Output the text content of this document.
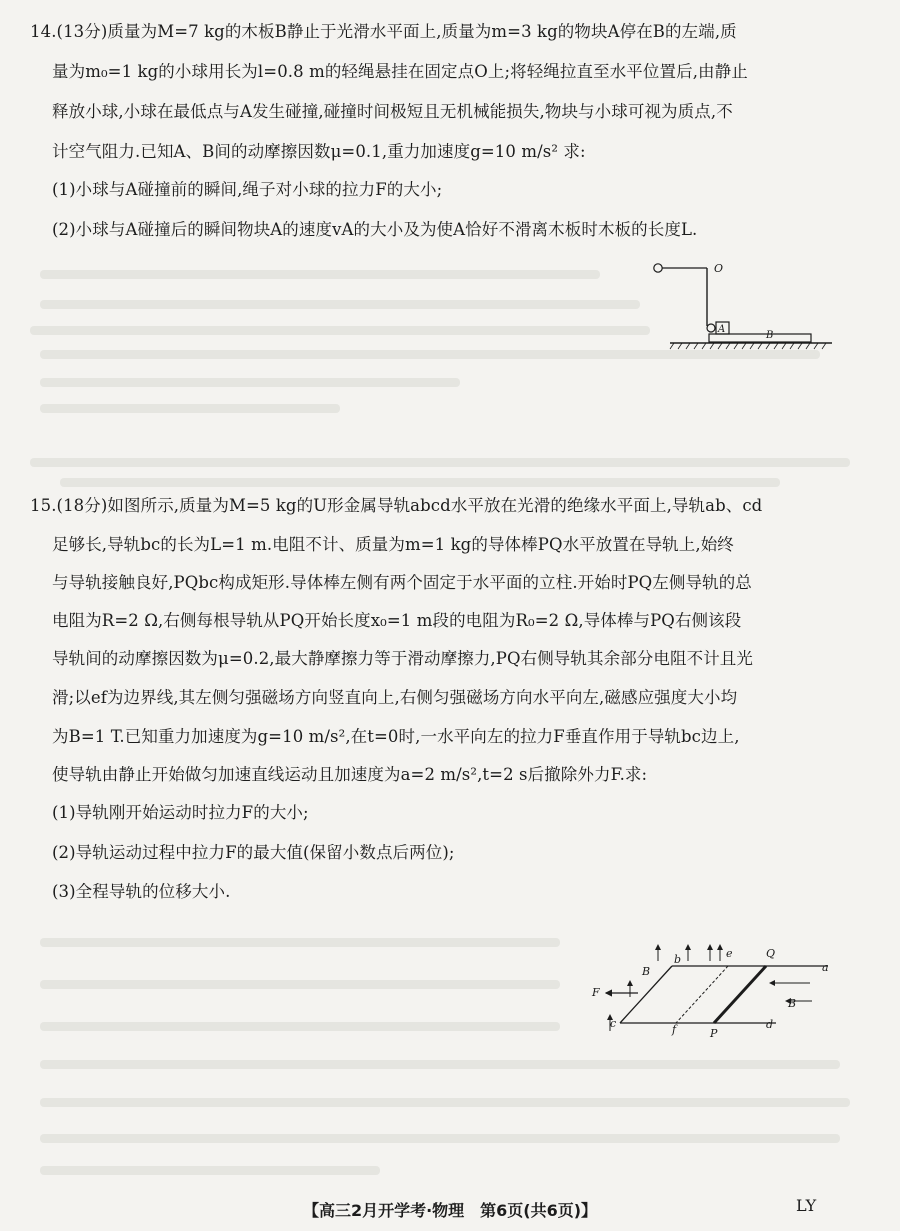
14.(13分)质量为M=7 kg的木板B静止于光滑水平面上,质量为m=3 kg的物块A停在B的左端,质
量为m₀=1 kg的小球用长为l=0.8 m的轻绳悬挂在固定点O上;将轻绳拉直至水平位置后,由静止
释放小球,小球在最低点与A发生碰撞,碰撞时间极短且无机械能损失,物块与小球可视为质点,不
计空气阻力.已知A、B间的动摩擦因数μ=0.1,重力加速度g=10 m/s² 求:
(1)小球与A碰撞前的瞬间,绳子对小球的拉力F的大小;
(2)小球与A碰撞后的瞬间物块A的速度vA的大小及为使A恰好不滑离木板时木板的长度L.
O
A
B
15.(18分)如图所示,质量为M=5 kg的U形金属导轨abcd水平放在光滑的绝缘水平面上,导轨ab、cd
足够长,导轨bc的长为L=1 m.电阻不计、质量为m=1 kg的导体棒PQ水平放置在导轨上,始终
与导轨接触良好,PQbc构成矩形.导体棒左侧有两个固定于水平面的立柱.开始时PQ左侧导轨的总
电阻为R=2 Ω,右侧每根导轨从PQ开始长度x₀=1 m段的电阻为R₀=2 Ω,导体棒与PQ右侧该段
导轨间的动摩擦因数为μ=0.2,最大静摩擦力等于滑动摩擦力,PQ右侧导轨其余部分电阻不计且光
滑;以ef为边界线,其左侧匀强磁场方向竖直向上,右侧匀强磁场方向水平向左,磁感应强度大小均
为B=1 T.已知重力加速度为g=10 m/s²,在t=0时,一水平向左的拉力F垂直作用于导轨bc边上,
使导轨由静止开始做匀加速直线运动且加速度为a=2 m/s²,t=2 s后撤除外力F.求:
(1)导轨刚开始运动时拉力F的大小;
(2)导轨运动过程中拉力F的最大值(保留小数点后两位);
(3)全程导轨的位移大小.
F
B
B
b
a
c	d
e
f	P
Q
【高三2月开学考·物理　第6页(共6页)】	LY
